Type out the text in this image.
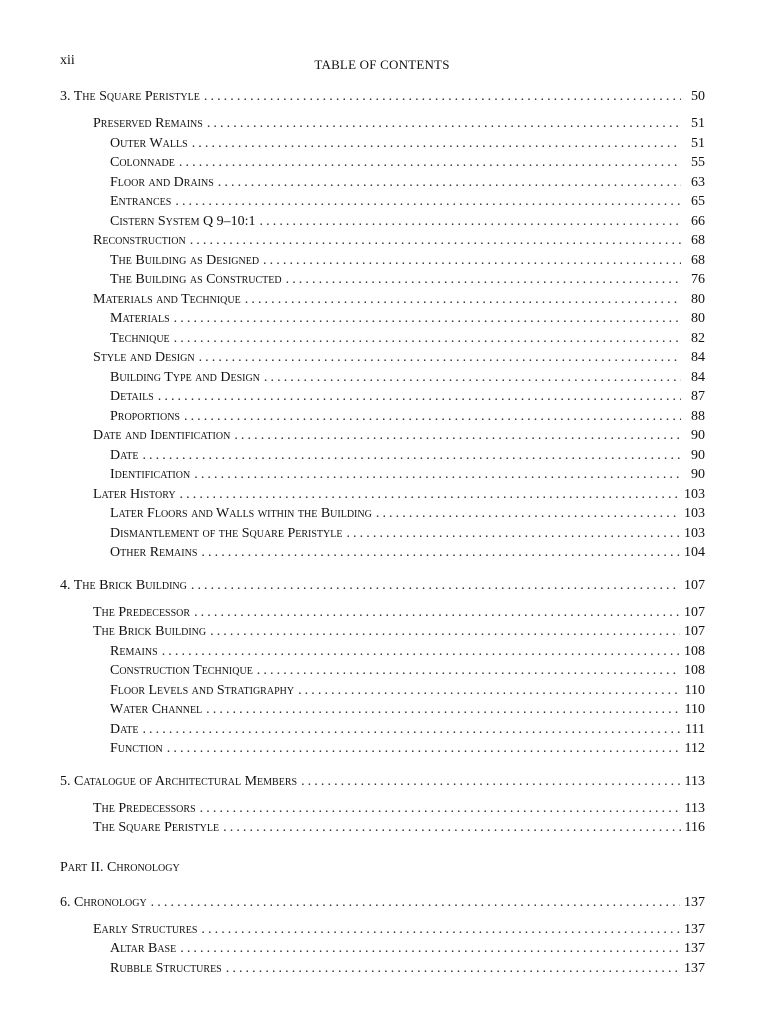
xii	TABLE OF CONTENTS
3. The Square Peristyle . . .	50
Preserved Remains . . .	51
Outer Walls . . .	51
Colonnade . . .	55
Floor and Drains . . .	63
Entrances . . .	65
Cistern System Q 9–10:1 . . .	66
Reconstruction . . .	68
The Building as Designed . . .	68
The Building as Constructed . . .	76
Materials and Technique . . .	80
Materials . . .	80
Technique . . .	82
Style and Design . . .	84
Building Type and Design . . .	84
Details . . .	87
Proportions . . .	88
Date and Identification . . .	90
Date . . .	90
Identification . . .	90
Later History . . .	103
Later Floors and Walls within the Building . . .	103
Dismantlement of the Square Peristyle . . .	103
Other Remains . . .	104
4. The Brick Building . . .	107
The Predecessor . . .	107
The Brick Building . . .	107
Remains . . .	108
Construction Technique . . .	108
Floor Levels and Stratigraphy . . .	110
Water Channel . . .	110
Date . . .	111
Function . . .	112
5. Catalogue of Architectural Members . . .	113
The Predecessors . . .	113
The Square Peristyle . . .	116
Part II. Chronology
6. Chronology . . .	137
Early Structures . . .	137
Altar Base . . .	137
Rubble Structures . . .	137
